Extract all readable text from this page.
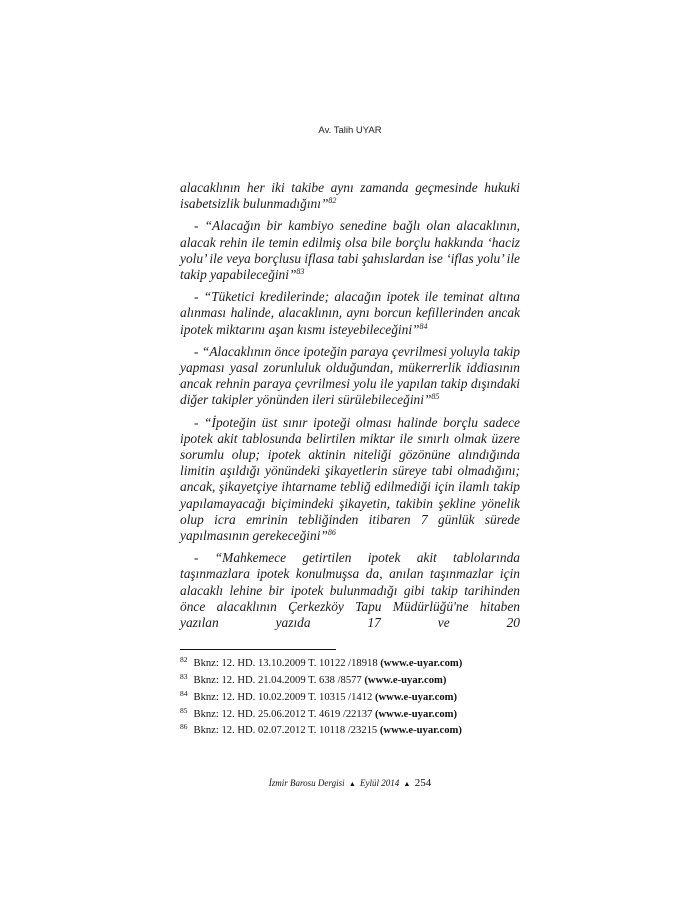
Av. Talih UYAR

alacaklının her iki takibe aynı zamanda geçmesinde hukuki isabetsizlik bulunmadığını”$^{82}$

- “Alacağın bir kambiyo senedine bağlı olan alacaklının, alacak rehin ile temin edilmiş olsa bile borçlu hakkında ‘haciz yolu’ ile veya borçlusu iflasa tabi şahıslardan ise ‘iflas yolu’ ile takip yapabileceğini”$^{83}$

- “Tüketici kredilerinde; alacağın ipotek ile teminat altına alınması halinde, alacaklının, aynı borcun kefillerinden ancak ipotek miktarını aşan kısmı isteyebileceğini”$^{84}$

- “Alacaklının önce ipoteğin paraya çevrilmesi yoluyla takip yapması yasal zorunluluk olduğundan, mükerrerlik iddiasının ancak rehnin paraya çevrilmesi yolu ile yapılan takip dışındaki diğer takipler yönünden ileri sürülebileceğini”$^{85}$

- “İpoteğin üst sınır ipoteği olması halinde borçlu sadece ipotek akit tablosunda belirtilen miktar ile sınırlı olmak üzere sorumlu olup; ipotek aktinin niteliği gözönüne alındığında limitin aşıldığı yönündeki şikayetlerin süreye tabi olmadığını; ancak, şikayetçiye ihtarname tebliğ edilmediği için ilamlı takip yapılamayacağı biçimindeki şikayetin, takibin şekline yönelik olup icra emrinin tebliğinden itibaren 7 günlük sürede yapılmasının gerekeceğini”$^{86}$

- “Mahkemece getirtilen ipotek akit tablolarında taşınmazlara ipotek konulmuşsa da, anılan taşınmazlar için alacaklı lehine bir ipotek bulunmadığı gibi takip tarihinden önce alacaklının Çerkezköy Tapu Müdürlüğü'ne hitaben yazılan yazıda 17 ve 20

$^{82}$ Bknz: 12. HD. 13.10.2009 T. 10122 /18918 (www.e-uyar.com)
$^{83}$ Bknz: 12. HD. 21.04.2009 T. 638 /8577 (www.e-uyar.com)
$^{84}$ Bknz: 12. HD. 10.02.2009 T. 10315 /1412 (www.e-uyar.com)
$^{85}$ Bknz: 12. HD. 25.06.2012 T. 4619 /22137 (www.e-uyar.com)
$^{86}$ Bknz: 12. HD. 02.07.2012 T. 10118 /23215 (www.e-uyar.com)
İzmir Barosu Dergisi ▲ Eylül 2014 ▲ 254
